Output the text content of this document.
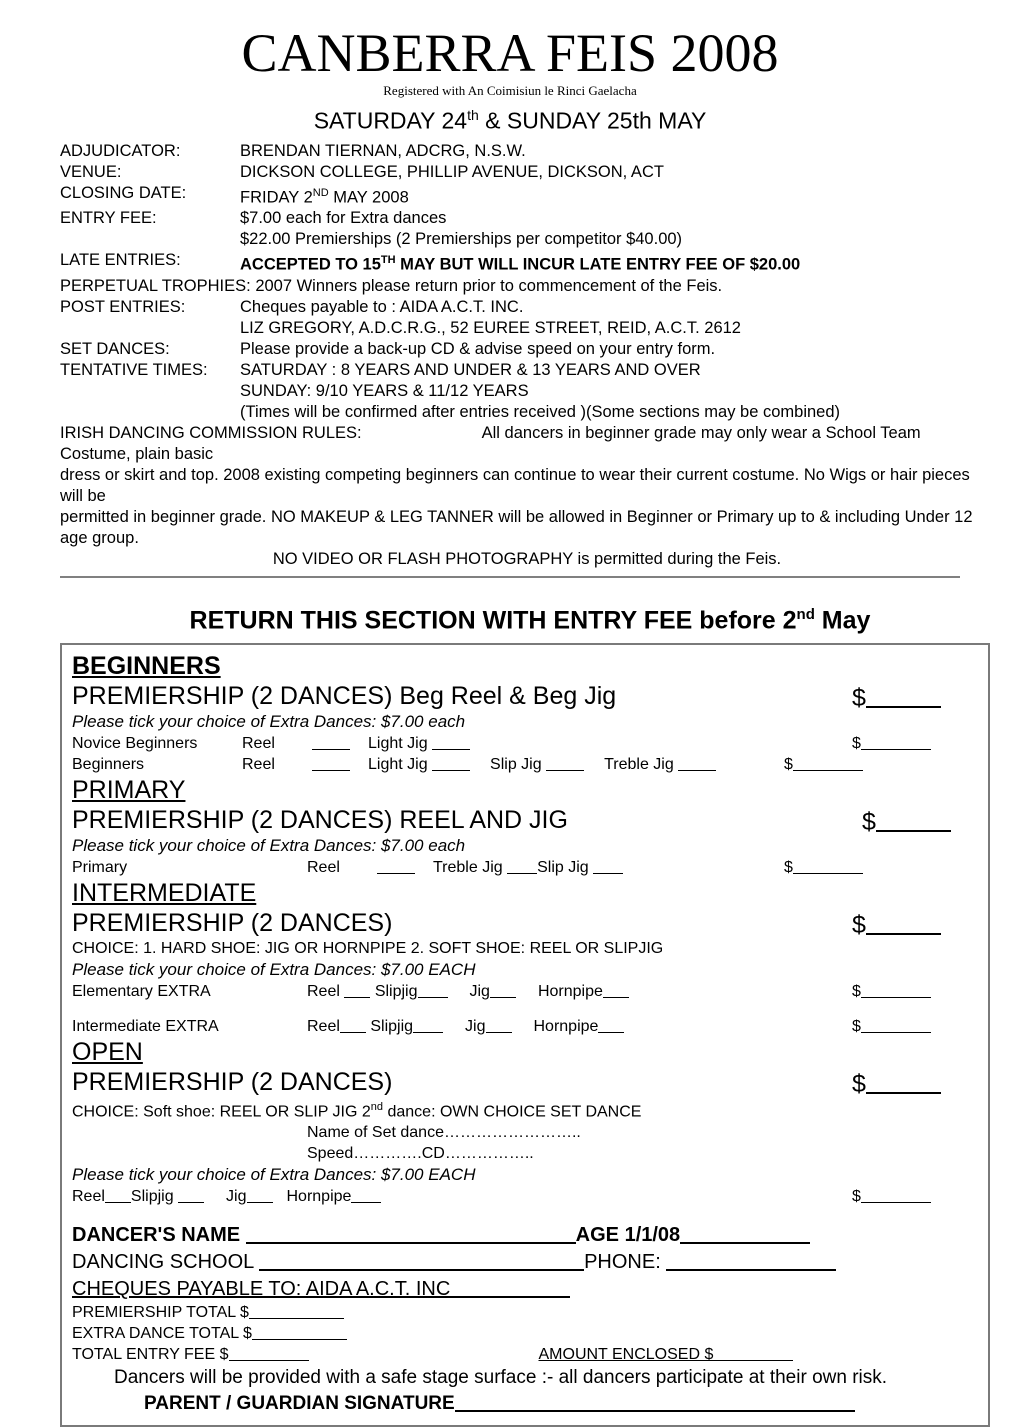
CANBERRA FEIS 2008
Registered with An Coimisiun le Rinci Gaelacha
SATURDAY 24th & SUNDAY 25th MAY
ADJUDICATOR:	BRENDAN TIERNAN, ADCRG, N.S.W.
VENUE:	DICKSON COLLEGE, PHILLIP AVENUE, DICKSON, ACT
CLOSING DATE:	FRIDAY 2ND MAY 2008
ENTRY FEE:	$7.00 each for Extra dances
$22.00 Premierships (2 Premierships per competitor $40.00)
LATE ENTRIES:	ACCEPTED TO 15TH MAY BUT WILL INCUR LATE ENTRY FEE OF $20.00
PERPETUAL TROPHIES: 2007 Winners please return prior to commencement of the Feis.
POST ENTRIES:	Cheques payable to : AIDA A.C.T. INC.
LIZ GREGORY, A.D.C.R.G., 52 EUREE STREET, REID, A.C.T. 2612
SET DANCES:	Please provide a back-up CD & advise speed on your entry form.
TENTATIVE TIMES: SATURDAY : 8 YEARS AND UNDER & 13 YEARS AND OVER
SUNDAY: 9/10 YEARS & 11/12 YEARS
(Times will be confirmed after entries received )(Some sections may be combined)
IRISH DANCING COMMISSION RULES:	All dancers in beginner grade may only wear a School Team Costume, plain basic
dress or skirt and top. 2008 existing competing beginners can continue to wear their current costume. No Wigs or hair pieces will be
permitted in beginner grade. NO MAKEUP & LEG TANNER will be allowed in Beginner or Primary up to & including Under 12 age group.
NO VIDEO OR FLASH PHOTOGRAPHY is permitted during the Feis.
RETURN THIS SECTION WITH ENTRY FEE before 2nd May
BEGINNERS
PREMIERSHIP (2 DANCES) Beg Reel & Beg Jig	$
Please tick your choice of Extra Dances: $7.00 each
Novice Beginners	Reel	Light Jig	$
Beginners	Reel	Light Jig	Slip Jig	Treble Jig	$
PRIMARY
PREMIERSHIP (2 DANCES) REEL AND JIG	$
Please tick your choice of Extra Dances: $7.00 each
Primary	Reel	Treble Jig Slip Jig	$
INTERMEDIATE
PREMIERSHIP (2 DANCES)	$
CHOICE: 1. HARD SHOE: JIG OR HORNPIPE 2. SOFT SHOE: REEL OR SLIPJIG
Please tick your choice of Extra Dances: $7.00 EACH
Elementary EXTRA	Reel Slipjig	Jig	Hornpipe	$
Intermediate EXTRA	Reel Slipjig	Jig	Hornpipe	$
OPEN
PREMIERSHIP (2 DANCES)	$
CHOICE: Soft shoe: REEL OR SLIP JIG 2nd dance: OWN CHOICE SET DANCE
Name of Set dance……………………..
Speed………….CD……………..
Please tick your choice of Extra Dances: $7.00 EACH
Reel Slipjig	Jig	Hornpipe	$
DANCER'S NAME	AGE 1/1/08
DANCING SCHOOL	PHONE:
CHEQUES PAYABLE TO: AIDA A.C.T. INC
PREMIERSHIP TOTAL $
EXTRA DANCE TOTAL $
TOTAL ENTRY FEE $	AMOUNT ENCLOSED $
Dancers will be provided with a safe stage surface :- all dancers participate at their own risk.
PARENT / GUARDIAN SIGNATURE
